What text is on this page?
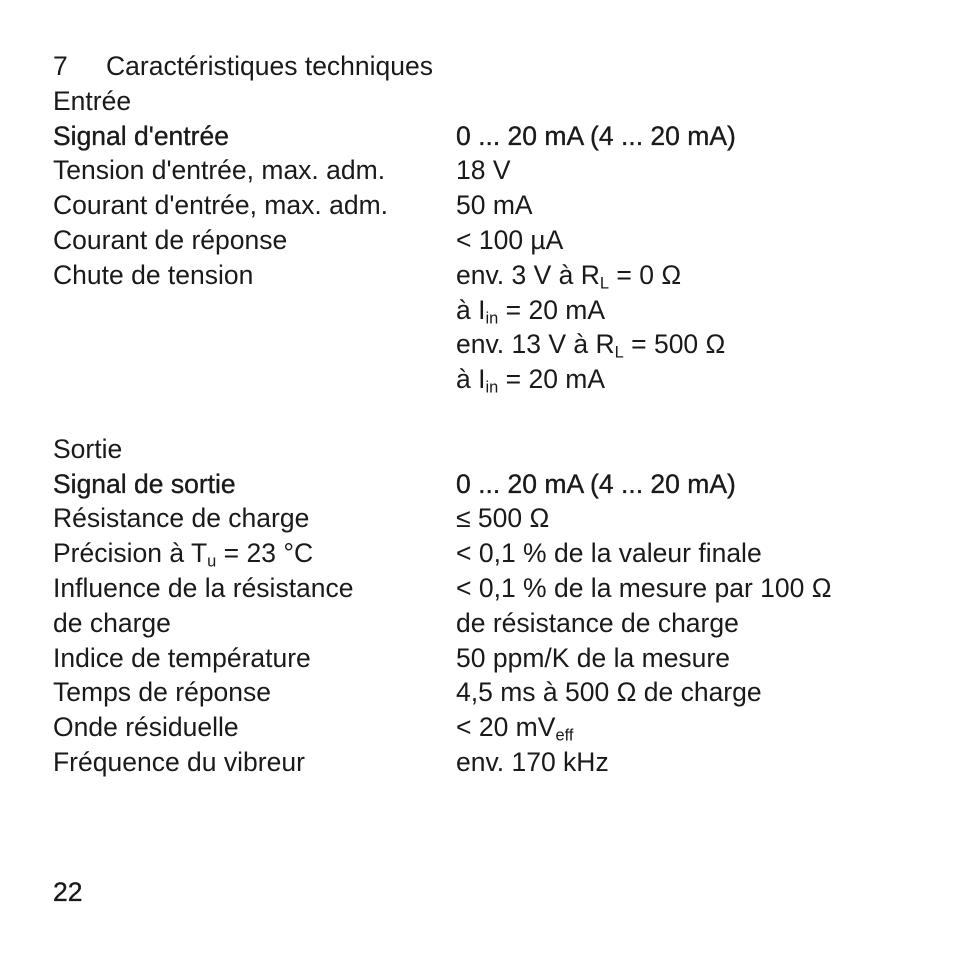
7 Caractéristiques techniques
Entrée
Signal d'entrée	0 ... 20 mA (4 ... 20 mA)
Tension d'entrée, max. adm.	18 V
Courant d'entrée, max. adm.	50 mA
Courant de réponse	< 100 µA
Chute de tension	env. 3 V à $R_L = 0$ Ω
à $I_{in} = 20$ mA
env. 13 V à $R_L = 500$ Ω
à $I_{in} = 20$ mA
Sortie
Signal de sortie	0 ... 20 mA (4 ... 20 mA)
Résistance de charge	≤ 500 Ω
Précision à $T_u = 23$ °C	< 0,1 % de la valeur finale
Influence de la résistance	< 0,1 % de la mesure par 100 Ω
de charge	de résistance de charge
Indice de température	50 ppm/K de la mesure
Temps de réponse	4,5 ms à 500 Ω de charge
Onde résiduelle	< 20 $mV_{eff}$
Fréquence du vibreur	env. 170 kHz
22
